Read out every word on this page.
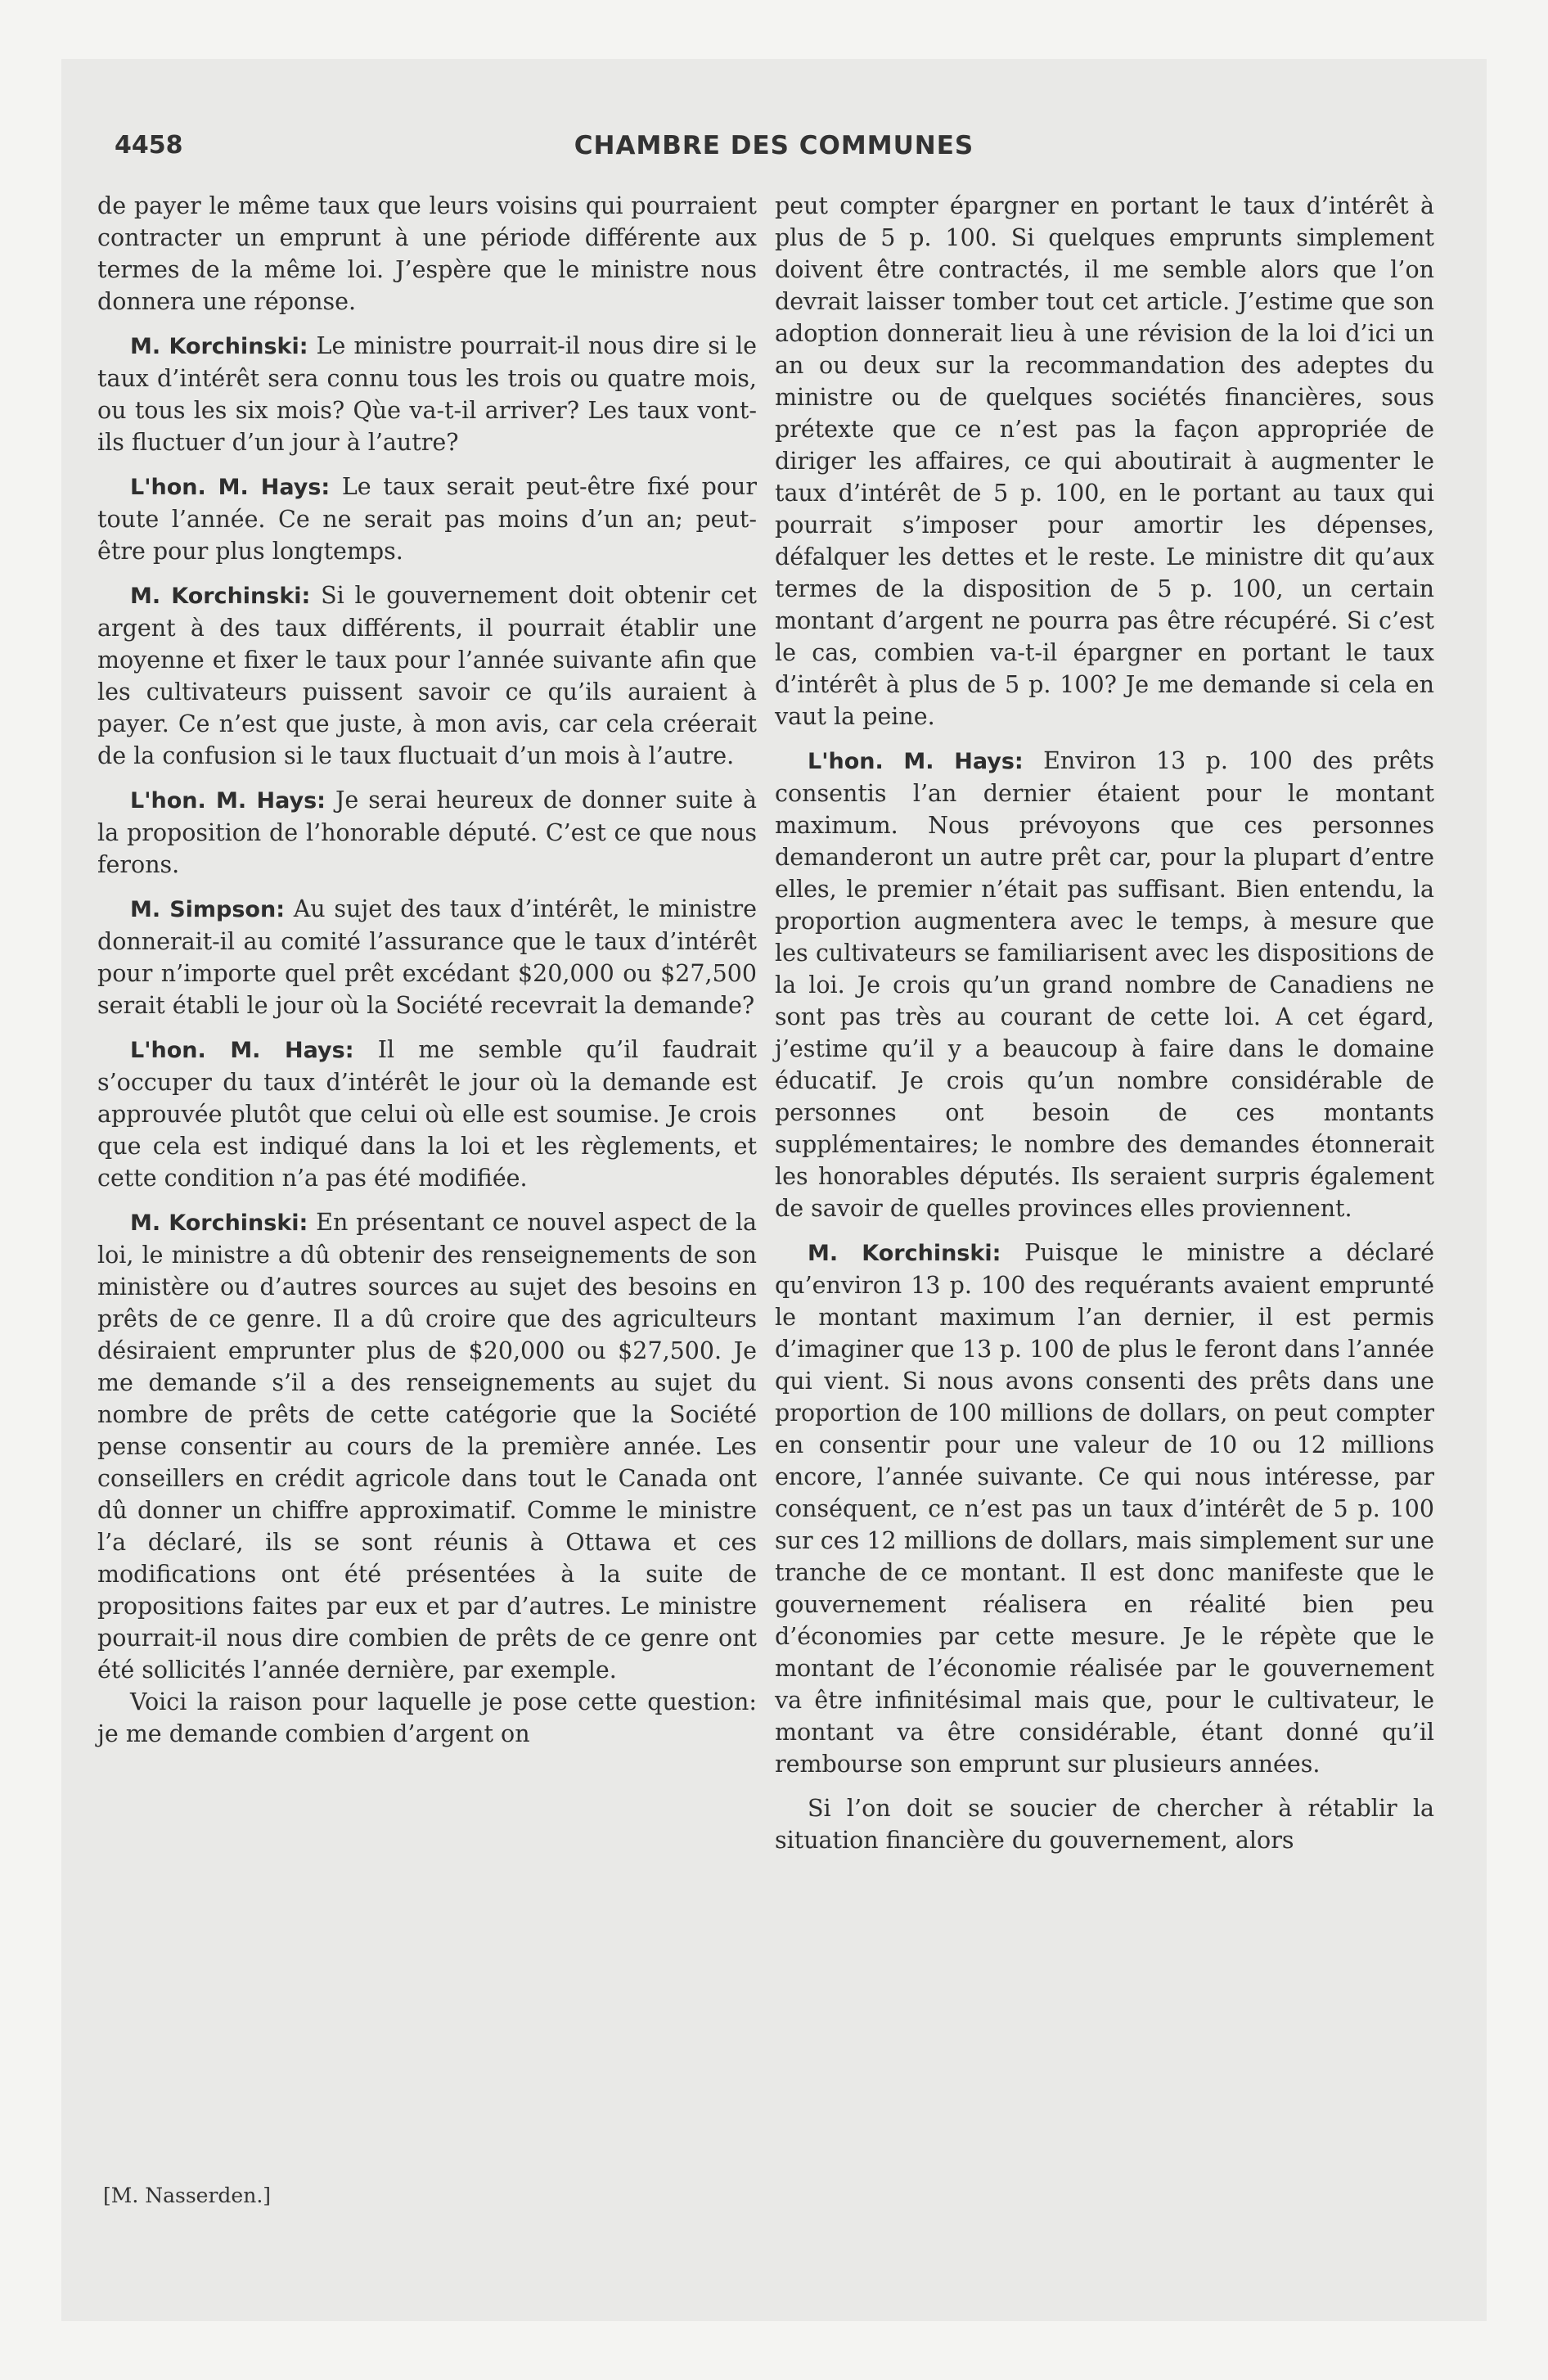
4458	CHAMBRE DES COMMUNES

de payer le même taux que leurs voisins qui pourraient contracter un emprunt à une période différente aux termes de la même loi. J’espère que le ministre nous donnera une réponse.

M. Korchinski: Le ministre pourrait-il nous dire si le taux d’intérêt sera connu tous les trois ou quatre mois, ou tous les six mois? Qùe va-t-il arriver? Les taux vont-ils fluctuer d’un jour à l’autre?

L'hon. M. Hays: Le taux serait peut-être fixé pour toute l’année. Ce ne serait pas moins d’un an; peut-être pour plus longtemps.

M. Korchinski: Si le gouvernement doit obtenir cet argent à des taux différents, il pourrait établir une moyenne et fixer le taux pour l’année suivante afin que les cultivateurs puissent savoir ce qu’ils auraient à payer. Ce n’est que juste, à mon avis, car cela créerait de la confusion si le taux fluctuait d’un mois à l’autre.

L'hon. M. Hays: Je serai heureux de donner suite à la proposition de l’honorable député. C’est ce que nous ferons.

M. Simpson: Au sujet des taux d’intérêt, le ministre donnerait-il au comité l’assurance que le taux d’intérêt pour n’importe quel prêt excédant $20,000 ou $27,500 serait établi le jour où la Société recevrait la demande?

L'hon. M. Hays: Il me semble qu’il faudrait s’occuper du taux d’intérêt le jour où la demande est approuvée plutôt que celui où elle est soumise. Je crois que cela est indiqué dans la loi et les règlements, et cette condition n’a pas été modifiée.

M. Korchinski: En présentant ce nouvel aspect de la loi, le ministre a dû obtenir des renseignements de son ministère ou d’autres sources au sujet des besoins en prêts de ce genre. Il a dû croire que des agriculteurs désiraient emprunter plus de $20,000 ou $27,500. Je me demande s’il a des renseignements au sujet du nombre de prêts de cette catégorie que la Société pense consentir au cours de la première année. Les conseillers en crédit agricole dans tout le Canada ont dû donner un chiffre approximatif. Comme le ministre l’a déclaré, ils se sont réunis à Ottawa et ces modifications ont été présentées à la suite de propositions faites par eux et par d’autres. Le ministre pourrait-il nous dire combien de prêts de ce genre ont été sollicités l’année dernière, par exemple.

Voici la raison pour laquelle je pose cette question: je me demande combien d’argent on

peut compter épargner en portant le taux d’intérêt à plus de 5 p. 100. Si quelques emprunts simplement doivent être contractés, il me semble alors que l’on devrait laisser tomber tout cet article. J’estime que son adoption donnerait lieu à une révision de la loi d’ici un an ou deux sur la recommandation des adeptes du ministre ou de quelques sociétés financières, sous prétexte que ce n’est pas la façon appropriée de diriger les affaires, ce qui aboutirait à augmenter le taux d’intérêt de 5 p. 100, en le portant au taux qui pourrait s’imposer pour amortir les dépenses, défalquer les dettes et le reste. Le ministre dit qu’aux termes de la disposition de 5 p. 100, un certain montant d’argent ne pourra pas être récupéré. Si c’est le cas, combien va-t-il épargner en portant le taux d’intérêt à plus de 5 p. 100? Je me demande si cela en vaut la peine.

L'hon. M. Hays: Environ 13 p. 100 des prêts consentis l’an dernier étaient pour le montant maximum. Nous prévoyons que ces personnes demanderont un autre prêt car, pour la plupart d’entre elles, le premier n’était pas suffisant. Bien entendu, la proportion augmentera avec le temps, à mesure que les cultivateurs se familiarisent avec les dispositions de la loi. Je crois qu’un grand nombre de Canadiens ne sont pas très au courant de cette loi. A cet égard, j’estime qu’il y a beaucoup à faire dans le domaine éducatif. Je crois qu’un nombre considérable de personnes ont besoin de ces montants supplémentaires; le nombre des demandes étonnerait les honorables députés. Ils seraient surpris également de savoir de quelles provinces elles proviennent.

M. Korchinski: Puisque le ministre a déclaré qu’environ 13 p. 100 des requérants avaient emprunté le montant maximum l’an dernier, il est permis d’imaginer que 13 p. 100 de plus le feront dans l’année qui vient. Si nous avons consenti des prêts dans une proportion de 100 millions de dollars, on peut compter en consentir pour une valeur de 10 ou 12 millions encore, l’année suivante. Ce qui nous intéresse, par conséquent, ce n’est pas un taux d’intérêt de 5 p. 100 sur ces 12 millions de dollars, mais simplement sur une tranche de ce montant. Il est donc manifeste que le gouvernement réalisera en réalité bien peu d’économies par cette mesure. Je le répète que le montant de l’économie réalisée par le gouvernement va être infinitésimal mais que, pour le cultivateur, le montant va être considérable, étant donné qu’il rembourse son emprunt sur plusieurs années.

Si l’on doit se soucier de chercher à rétablir la situation financière du gouvernement, alors

[M. Nasserden.]
